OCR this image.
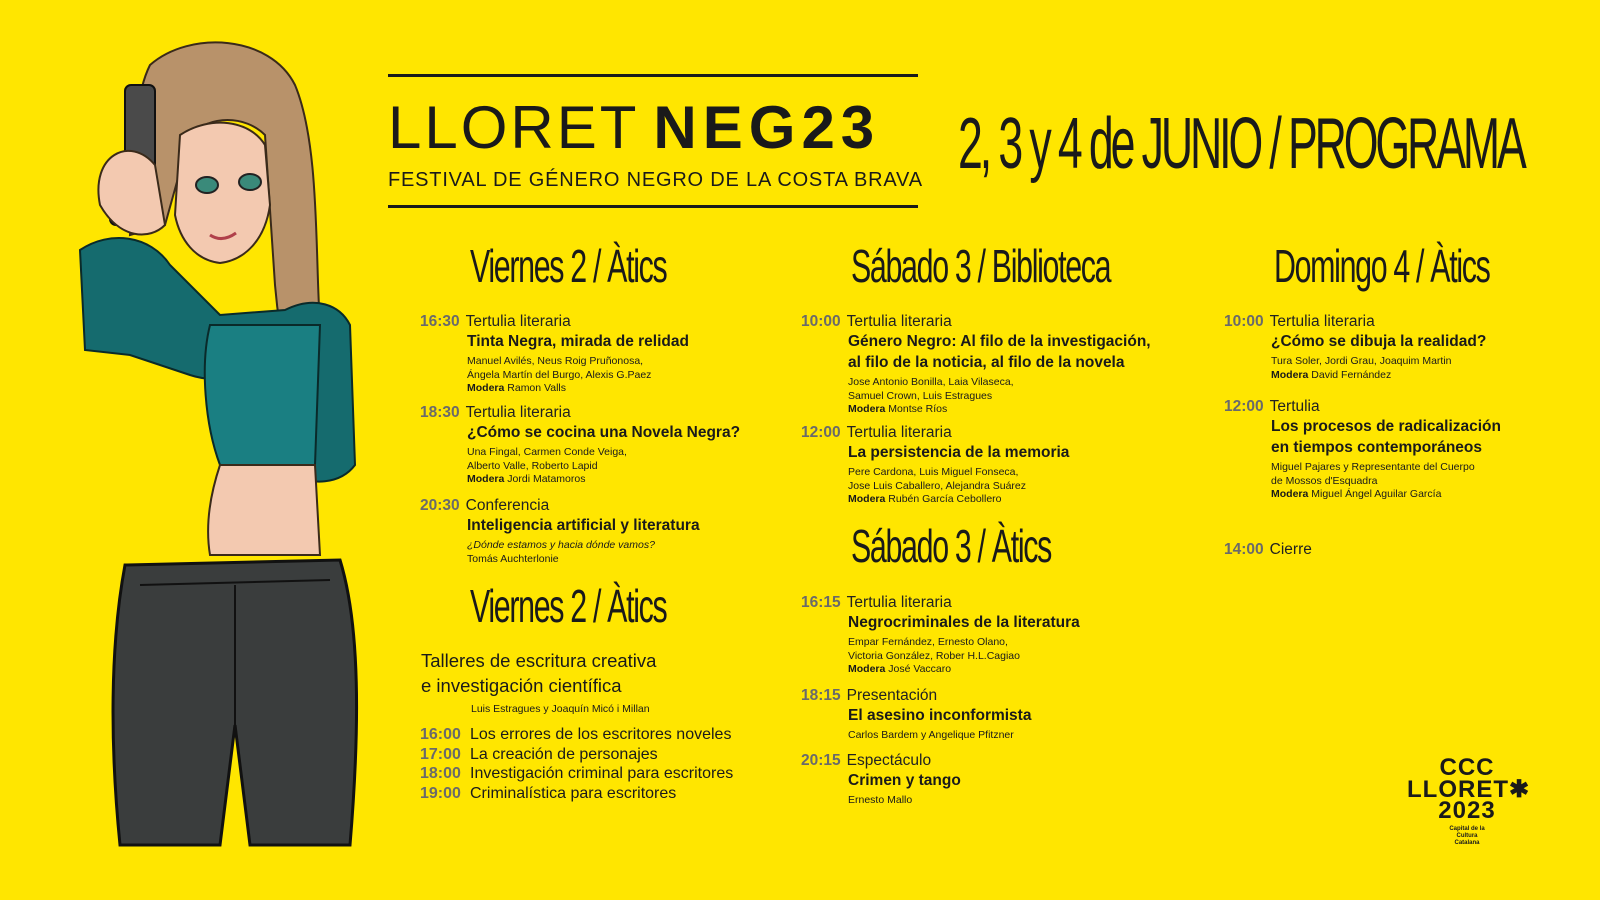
LLORET NEG23
FESTIVAL DE GÉNERO NEGRO DE LA COSTA BRAVA 2, 3 y 4 de JUNIO / PROGRAMA
Viernes 2 / Àtics	Sábado 3 / Biblioteca	Domingo 4 / Àtics
Viernes 2 / Àtics
Sábado 3 / Àtics
16:30 Tertulia literaria
Tinta Negra, mirada de relidad
Manuel Avilés, Neus Roig Pruñonosa,
Ángela Martín del Burgo, Alexis G.Paez
Modera Ramon Valls
18:30 Tertulia literaria
¿Cómo se cocina una Novela Negra?
Una Fingal, Carmen Conde Veiga,
Alberto Valle, Roberto Lapid
Modera Jordi Matamoros
20:30 Conferencia
Inteligencia artificial y literatura
¿Dónde estamos y hacia dónde vamos?
Tomás Auchterlonie
Talleres de escritura creativa
e investigación científica
Luis Estragues y Joaquín Micó i Millan
16:00 Los errores de los escritores noveles
17:00 La creación de personajes
18:00 Investigación criminal para escritores
19:00 Criminalística para escritores
10:00 Tertulia literaria
Género Negro: Al filo de la investigación,
al filo de la noticia, al filo de la novela
Jose Antonio Bonilla, Laia Vilaseca,
Samuel Crown, Luis Estragues
Modera Montse Ríos
12:00 Tertulia literaria
La persistencia de la memoria
Pere Cardona, Luis Miguel Fonseca,
Jose Luis Caballero, Alejandra Suárez
Modera Rubén García Cebollero
16:15 Tertulia literaria
Negrocriminales de la literatura
Empar Fernández, Ernesto Olano,
Victoria González, Rober H.L.Cagiao
Modera José Vaccaro
18:15 Presentación
El asesino inconformista
Carlos Bardem y Angelique Pfitzner
20:15 Espectáculo
Crimen y tango
Ernesto Mallo
10:00 Tertulia literaria
¿Cómo se dibuja la realidad?
Tura Soler, Jordi Grau, Joaquim Martin
Modera David Fernández
12:00 Tertulia
Los procesos de radicalización
en tiempos contemporáneos
Miguel Pajares y Representante del Cuerpo
de Mossos d'Esquadra
Modera Miguel Ángel Aguilar García
14:00 Cierre
CCC
LLORET✱
2023
Capital de la
Cultura
Catalana
